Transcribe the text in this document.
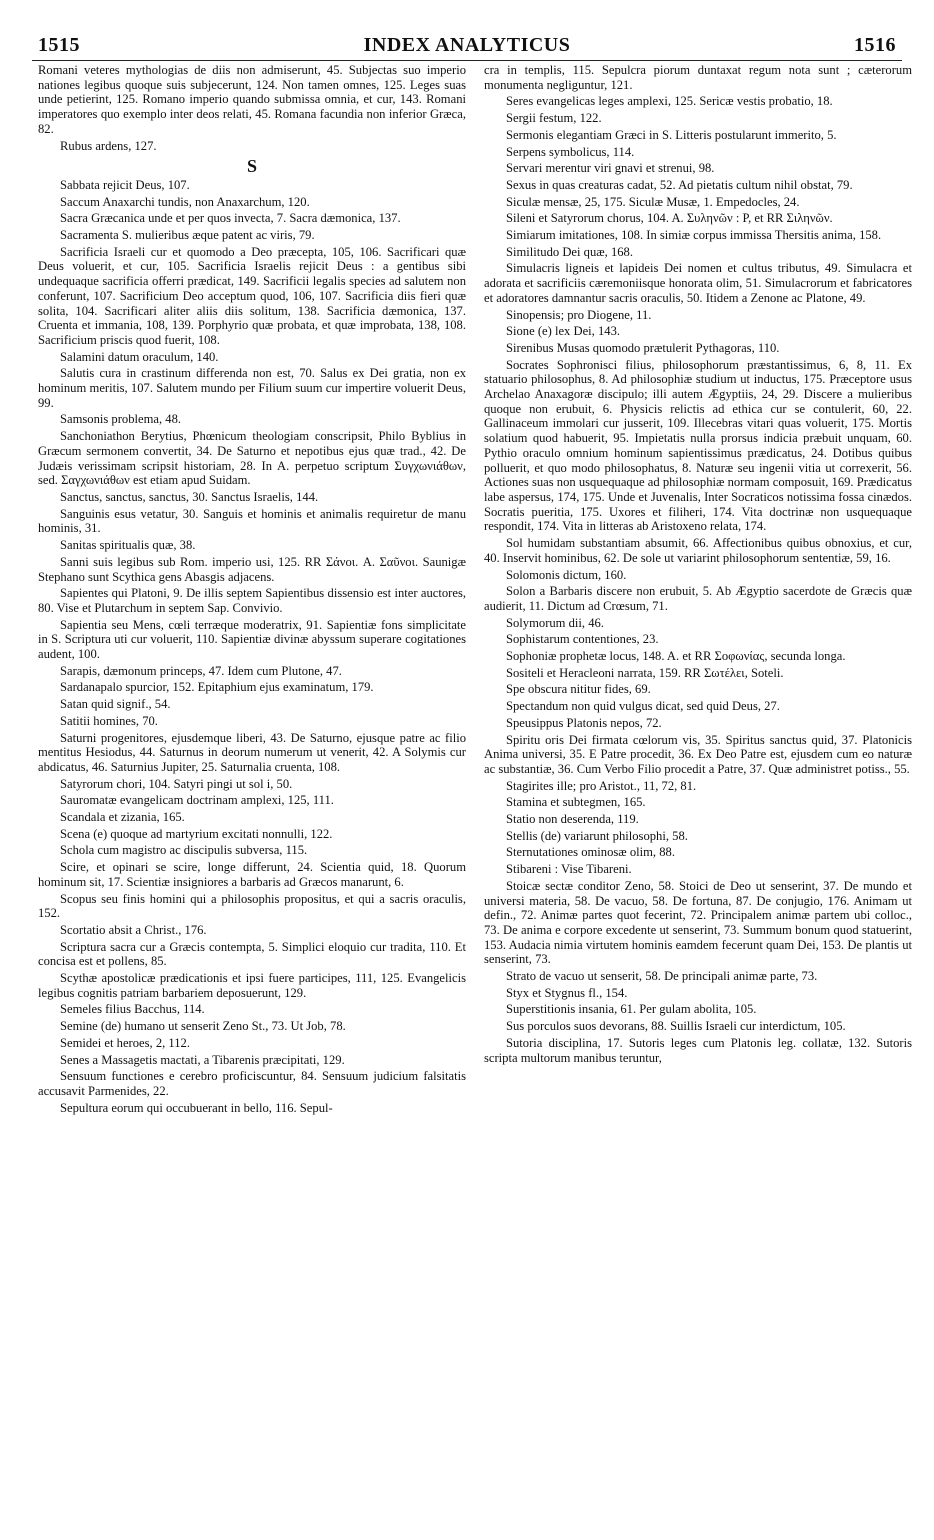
1515	INDEX ANALYTICUS	1516

Romani veteres mythologias de diis non admiserunt, 45. Subjectas suo imperio nationes legibus quoque suis subjecerunt, 124. Non tamen omnes, 125. Leges suas unde petierint, 125. Romano imperio quando submissa omnia, et cur, 143. Romani imperatores quo exemplo inter deos relati, 45. Romana facundia non inferior Græca, 82.

Rubus ardens, 127.

S

Sabbata rejicit Deus, 107.

Saccum Anaxarchi tundis, non Anaxarchum, 120.

Sacra Græcanica unde et per quos invecta, 7. Sacra dæmonica, 137.

Sacramenta S. mulieribus æque patent ac viris, 79.

Sacrificia Israeli cur et quomodo a Deo præcepta, 105, 106. Sacrificari quæ Deus voluerit, et cur, 105. Sacrificia Israelis rejicit Deus : a gentibus sibi undequaque sacrificia offerri prædicat, 149. Sacrificii legalis species ad salutem non conferunt, 107. Sacrificium Deo acceptum quod, 106, 107. Sacrificia diis fieri quæ solita, 104. Sacrificari aliter aliis diis solitum, 138. Sacrificia dæmonica, 137. Cruenta et immania, 108, 139. Porphyrio quæ probata, et quæ improbata, 138, 108. Sacrificium priscis quod fuerit, 108.

Salamini datum oraculum, 140.

Salutis cura in crastinum differenda non est, 70. Salus ex Dei gratia, non ex hominum meritis, 107. Salutem mundo per Filium suum cur impertire voluerit Deus, 99.

Samsonis problema, 48.

Sanchoniathon Berytius, Phœnicum theologiam conscripsit, Philo Byblius in Græcum sermonem convertit, 34. De Saturno et nepotibus ejus quæ trad., 42. De Judæis verissimam scripsit historiam, 28. In A. perpetuo scriptum Συγχωνιάθων, sed. Σαγχωνιάθων est etiam apud Suidam.

Sanctus, sanctus, sanctus, 30. Sanctus Israelis, 144.

Sanguinis esus vetatur, 30. Sanguis et hominis et animalis requiretur de manu hominis, 31.

Sanitas spiritualis quæ, 38.

Sanni suis legibus sub Rom. imperio usi, 125. RR Σάνοι. A. Σαῦνοι. Saunigæ Stephano sunt Scythica gens Abasgis adjacens.

Sapientes qui Platoni, 9. De illis septem Sapientibus dissensio est inter auctores, 80. Vise et Plutarchum in septem Sap. Convivio.

Sapientia seu Mens, cœli terræque moderatrix, 91. Sapientiæ fons simplicitate in S. Scriptura uti cur voluerit, 110. Sapientiæ divinæ abyssum superare cogitationes audent, 100.

Sarapis, dæmonum princeps, 47. Idem cum Plutone, 47.

Sardanapalo spurcior, 152. Epitaphium ejus examinatum, 179.

Satan quid signif., 54.

Satitii homines, 70.

Saturni progenitores, ejusdemque liberi, 43. De Saturno, ejusque patre ac filio mentitus Hesiodus, 44. Saturnus in deorum numerum ut venerit, 42. A Solymis cur abdicatus, 46. Saturnius Jupiter, 25. Saturnalia cruenta, 108.

Satyrorum chori, 104. Satyri pingi ut sol i, 50.

Sauromatæ evangelicam doctrinam amplexi, 125, 111.

Scandala et zizania, 165.

Scena (e) quoque ad martyrium excitati nonnulli, 122.

Schola cum magistro ac discipulis subversa, 115.

Scire, et opinari se scire, longe differunt, 24. Scientia quid, 18. Quorum hominum sit, 17. Scientiæ insigniores a barbaris ad Græcos manarunt, 6.

Scopus seu finis homini qui a philosophis propositus, et qui a sacris oraculis, 152.

Scortatio absit a Christ., 176.

Scriptura sacra cur a Græcis contempta, 5. Simplici eloquio cur tradita, 110. Et concisa est et pollens, 85.

Scythæ apostolicæ prædicationis et ipsi fuere participes, 111, 125. Evangelicis legibus cognitis patriam barbariem deposuerunt, 129.

Semeles filius Bacchus, 114.

Semine (de) humano ut senserit Zeno St., 73. Ut Job, 78.

Semidei et heroes, 2, 112.

Senes a Massagetis mactati, a Tibarenis præcipitati, 129.

Sensuum functiones e cerebro proficiscuntur, 84. Sensuum judicium falsitatis accusavit Parmenides, 22.

Sepultura eorum qui occubuerant in bello, 116. Sepul-

cra in templis, 115. Sepulcra piorum duntaxat regum nota sunt ; cæterorum monumenta negliguntur, 121.

Seres evangelicas leges amplexi, 125. Sericæ vestis probatio, 18.

Sergii festum, 122.

Sermonis elegantiam Græci in S. Litteris postularunt immerito, 5.

Serpens symbolicus, 114.

Servari merentur viri gnavi et strenui, 98.

Sexus in quas creaturas cadat, 52. Ad pietatis cultum nihil obstat, 79.

Siculæ mensæ, 25, 175. Siculæ Musæ, 1. Empedocles, 24.

Sileni et Satyrorum chorus, 104. A. Συληνῶν : P, et RR Σιληνῶν.

Simiarum imitationes, 108. In simiæ corpus immissa Thersitis anima, 158.

Similitudo Dei quæ, 168.

Simulacris ligneis et lapideis Dei nomen et cultus tributus, 49. Simulacra et adorata et sacrificiis cæremoniisque honorata olim, 51. Simulacrorum et fabricatores et adoratores damnantur sacris oraculis, 50. Itidem a Zenone ac Platone, 49.

Sinopensis; pro Diogene, 11.

Sione (e) lex Dei, 143.

Sirenibus Musas quomodo prætulerit Pythagoras, 110.

Socrates Sophronisci filius, philosophorum præstantissimus, 6, 8, 11. Ex statuario philosophus, 8. Ad philosophiæ studium ut inductus, 175. Præceptore usus Archelao Anaxagoræ discipulo; illi autem Ægyptiis, 24, 29. Discere a mulieribus quoque non erubuit, 6. Physicis relictis ad ethica cur se contulerit, 60, 22. Gallinaceum immolari cur jusserit, 109. Illecebras vitari quas voluerit, 175. Mortis solatium quod habuerit, 95. Impietatis nulla prorsus indicia præbuit unquam, 60. Pythio oraculo omnium hominum sapientissimus prædicatus, 24. Dotibus quibus polluerit, et quo modo philosophatus, 8. Naturæ seu ingenii vitia ut correxerit, 56. Actiones suas non usquequaque ad philosophiæ normam composuit, 169. Prædicatus labe aspersus, 174, 175. Unde et Juvenalis, Inter Socraticos notissima fossa cinædos. Socratis pueritia, 175. Uxores et filiheri, 174. Vita doctrinæ non usquequaque respondit, 174. Vita in litteras ab Aristoxeno relata, 174.

Sol humidam substantiam absumit, 66. Affectionibus quibus obnoxius, et cur, 40. Inservit hominibus, 62. De sole ut variarint philosophorum sententiæ, 59, 16.

Solomonis dictum, 160.

Solon a Barbaris discere non erubuit, 5. Ab Ægyptio sacerdote de Græcis quæ audierit, 11. Dictum ad Crœsum, 71.

Solymorum dii, 46.

Sophistarum contentiones, 23.

Sophoniæ prophetæ locus, 148. A. et RR Σοφωνίας, secunda longa.

Sositeli et Heracleoni narrata, 159. RR Σωτέλει, Soteli.

Spe obscura nititur fides, 69.

Spectandum non quid vulgus dicat, sed quid Deus, 27.

Speusippus Platonis nepos, 72.

Spiritu oris Dei firmata cœlorum vis, 35. Spiritus sanctus quid, 37. Platonicis Anima universi, 35. E Patre procedit, 36. Ex Deo Patre est, ejusdem cum eo naturæ ac substantiæ, 36. Cum Verbo Filio procedit a Patre, 37. Quæ administret potiss., 55.

Stagirites ille; pro Aristot., 11, 72, 81.

Stamina et subtegmen, 165.

Statio non deserenda, 119.

Stellis (de) variarunt philosophi, 58.

Sternutationes ominosæ olim, 88.

Stibareni : Vise Tibareni.

Stoicæ sectæ conditor Zeno, 58. Stoici de Deo ut senserint, 37. De mundo et universi materia, 58. De vacuo, 58. De fortuna, 87. De conjugio, 176. Animam ut defin., 72. Animæ partes quot fecerint, 72. Principalem animæ partem ubi colloc., 73. De anima e corpore excedente ut senserint, 73. Summum bonum quod statuerint, 153. Audacia nimia virtutem hominis eamdem fecerunt quam Dei, 153. De plantis ut senserint, 73.

Strato de vacuo ut senserit, 58. De principali animæ parte, 73.

Styx et Stygnus fl., 154.

Superstitionis insania, 61. Per gulam abolita, 105.

Sus porculos suos devorans, 88. Suillis Israeli cur interdictum, 105.

Sutoria disciplina, 17. Sutoris leges cum Platonis leg. collatæ, 132. Sutoris scripta multorum manibus teruntur,
